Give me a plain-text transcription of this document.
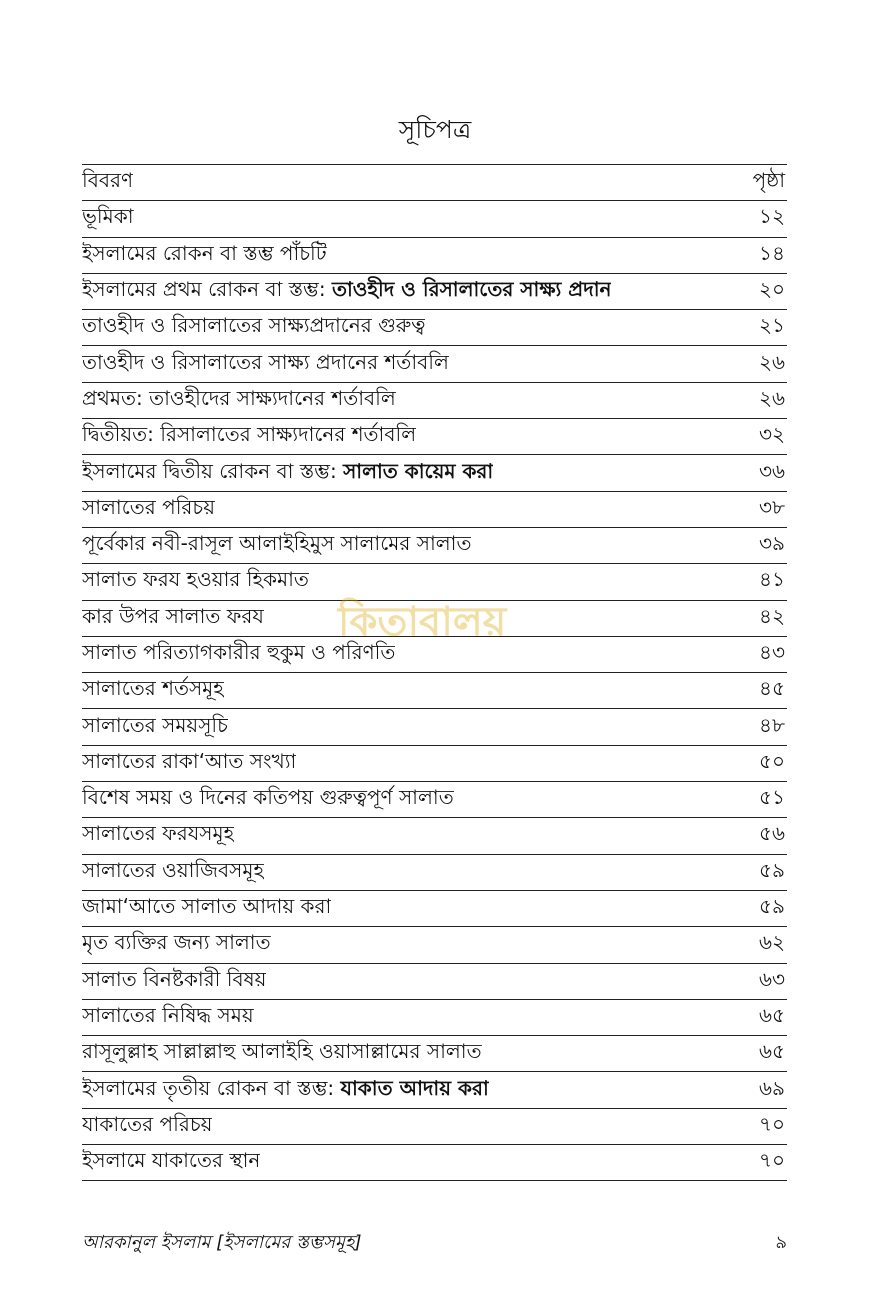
সূচিপত্র
বিবরণ	পৃষ্ঠা
ভূমিকা	১২
ইসলামের রোকন বা স্তম্ভ পাঁচটি	১৪
ইসলামের প্রথম রোকন বা স্তম্ভ: তাওহীদ ও রিসালাতের সাক্ষ্য প্রদান	২০
তাওহীদ ও রিসালাতের সাক্ষ্যপ্রদানের গুরুত্ব	২১
তাওহীদ ও রিসালাতের সাক্ষ্য প্রদানের শর্তাবলি	২৬
প্রথমত: তাওহীদের সাক্ষ্যদানের শর্তাবলি	২৬
দ্বিতীয়ত: রিসালাতের সাক্ষ্যদানের শর্তাবলি	৩২
ইসলামের দ্বিতীয় রোকন বা স্তম্ভ: সালাত কায়েম করা	৩৬
সালাতের পরিচয়	৩৮
পূর্বেকার নবী-রাসূল আলাইহিমুস সালামের সালাত	৩৯
সালাত ফরয হওয়ার হিকমাত	৪১
কার উপর সালাত ফরয	৪২
সালাত পরিত্যাগকারীর হুকুম ও পরিণতি	৪৩
সালাতের শর্তসমূহ	৪৫
সালাতের সময়সূচি	৪৮
সালাতের রাকা‘আত সংখ্যা	৫০
বিশেষ সময় ও দিনের কতিপয় গুরুত্বপূর্ণ সালাত	৫১
সালাতের ফরযসমূহ	৫৬
সালাতের ওয়াজিবসমূহ	৫৯
জামা‘আতে সালাত আদায় করা	৫৯
মৃত ব্যক্তির জন্য সালাত	৬২
সালাত বিনষ্টকারী বিষয়	৬৩
সালাতের নিষিদ্ধ সময়	৬৫
রাসূলুল্লাহ সাল্লাল্লাহু আলাইহি ওয়াসাল্লামের সালাত	৬৫
ইসলামের তৃতীয় রোকন বা স্তম্ভ: যাকাত আদায় করা	৬৯
যাকাতের পরিচয়	৭০
ইসলামে যাকাতের স্থান	৭০
কিতাবালয়
আরকানুল ইসলাম [ইসলামের স্তম্ভসমূহ]	৯
